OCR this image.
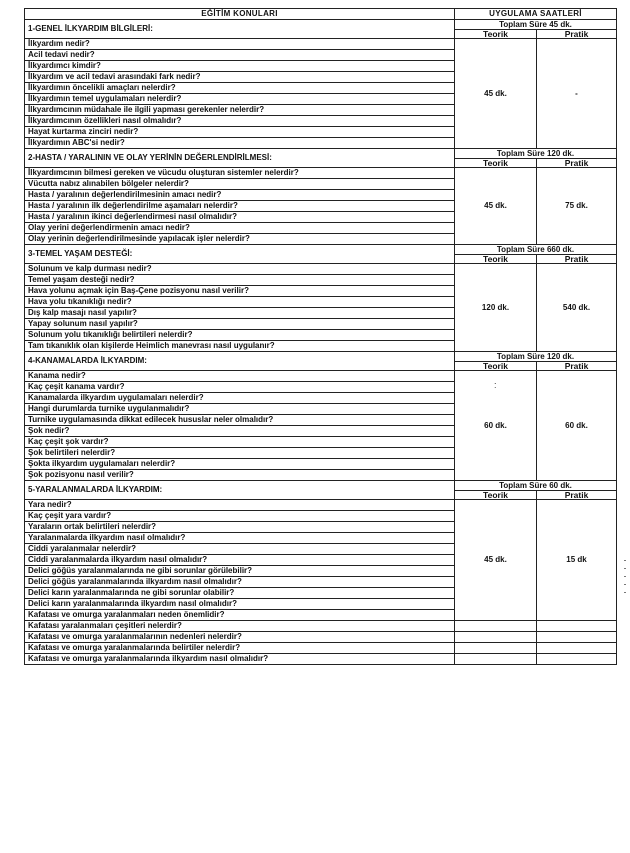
EĞİTİM KONULARI	UYGULAMA SAATLERİ	
1-GENEL İLKYARDIM BİLGİLERİ:	Toplam Süre 45 dk.	
	Teorik	Pratik
İlkyardım nedir?	45 dk.	-
Acil tedavi nedir?		
İlkyardımcı kimdir?		
İlkyardım ve acil tedavi arasındaki fark nedir?		
İlkyardımın öncelikli amaçları nelerdir?		
İlkyardımın temel uygulamaları nelerdir?		
İlkyardımcının müdahale ile ilgili yapması gerekenler nelerdir?		
İlkyardımcının özellikleri nasıl olmalıdır?		
Hayat kurtarma zinciri nedir?		
İlkyardımın ABC'si nedir?		
2-HASTA / YARALININ VE OLAY YERİNİN DEĞERLENDİRİLMESİ:	Toplam Süre 120 dk.	
	Teorik	Pratik
İlkyardımcının bilmesi gereken ve vücudu oluşturan sistemler nelerdir?	45 dk.	75 dk.
Vücutta nabız alınabilen bölgeler nelerdir?		
Hasta / yaralının değerlendirilmesinin amacı nedir?		
Hasta / yaralının ilk değerlendirilme aşamaları nelerdir?		
Hasta / yaralının ikinci değerlendirmesi nasıl olmalıdır?		
Olay yerini değerlendirmenin amacı nedir?		
Olay yerinin değerlendirilmesinde yapılacak işler nelerdir?		
3-TEMEL YAŞAM DESTEĞİ:	Toplam Süre 660 dk.	
	Teorik	Pratik
Solunum ve kalp durması nedir?	120 dk.	540 dk.
Temel yaşam desteği nedir?		
Hava yolunu açmak için Baş-Çene pozisyonu nasıl verilir?		
Hava yolu tıkanıklığı nedir?		
Dış kalp masajı nasıl yapılır?		
Yapay solunum nasıl yapılır?		
Solunum yolu tıkanıklığı belirtileri nelerdir?		
Tam tıkanıklık olan kişilerde Heimlich manevrası nasıl uygulanır?		
4-KANAMALARDA İLKYARDIM:	Toplam Süre 120 dk.	
	Teorik	Pratik
Kanama nedir?	60 dk.	60 dk.
Kaç çeşit kanama vardır?		
Kanamalarda ilkyardım uygulamaları nelerdir?		
Hangi durumlarda turnike uygulanmalıdır?		
Turnike uygulamasında dikkat edilecek hususlar neler olmalıdır?		
Şok nedir?		
Kaç çeşit şok vardır?		
Şok belirtileri nelerdir?		
Şokta ilkyardım uygulamaları nelerdir?		
Şok pozisyonu nasıl verilir?		
5-YARALANMALARDA İLKYARDIM:	Toplam Süre 60 dk.	
	Teorik	Pratik
Yara nedir?	45 dk.	15 dk
Kaç çeşit yara vardır?		
Yaraların ortak belirtileri nelerdir?		
Yaralanmalarda ilkyardım nasıl olmalıdır?		
Ciddi yaralanmalar nelerdir?		
Ciddi yaralanmalarda ilkyardım nasıl olmalıdır?		
Delici göğüs yaralanmalarında ne gibi sorunlar görülebilir?		
Delici göğüs yaralanmalarında ilkyardım nasıl olmalıdır?		
Delici karın yaralanmalarında ne gibi sorunlar olabilir?		
Delici karın yaralanmalarında ilkyardım nasıl olmalıdır?		
Kafatası ve omurga yaralanmaları neden önemlidir?		
Kafatası yaralanmaları çeşitleri nelerdir?		
Kafatası ve omurga yaralanmalarının nedenleri nelerdir?		
Kafatası ve omurga yaralanmalarında belirtiler nelerdir?		
Kafatası ve omurga yaralanmalarında ilkyardım nasıl olmalıdır?		
:
